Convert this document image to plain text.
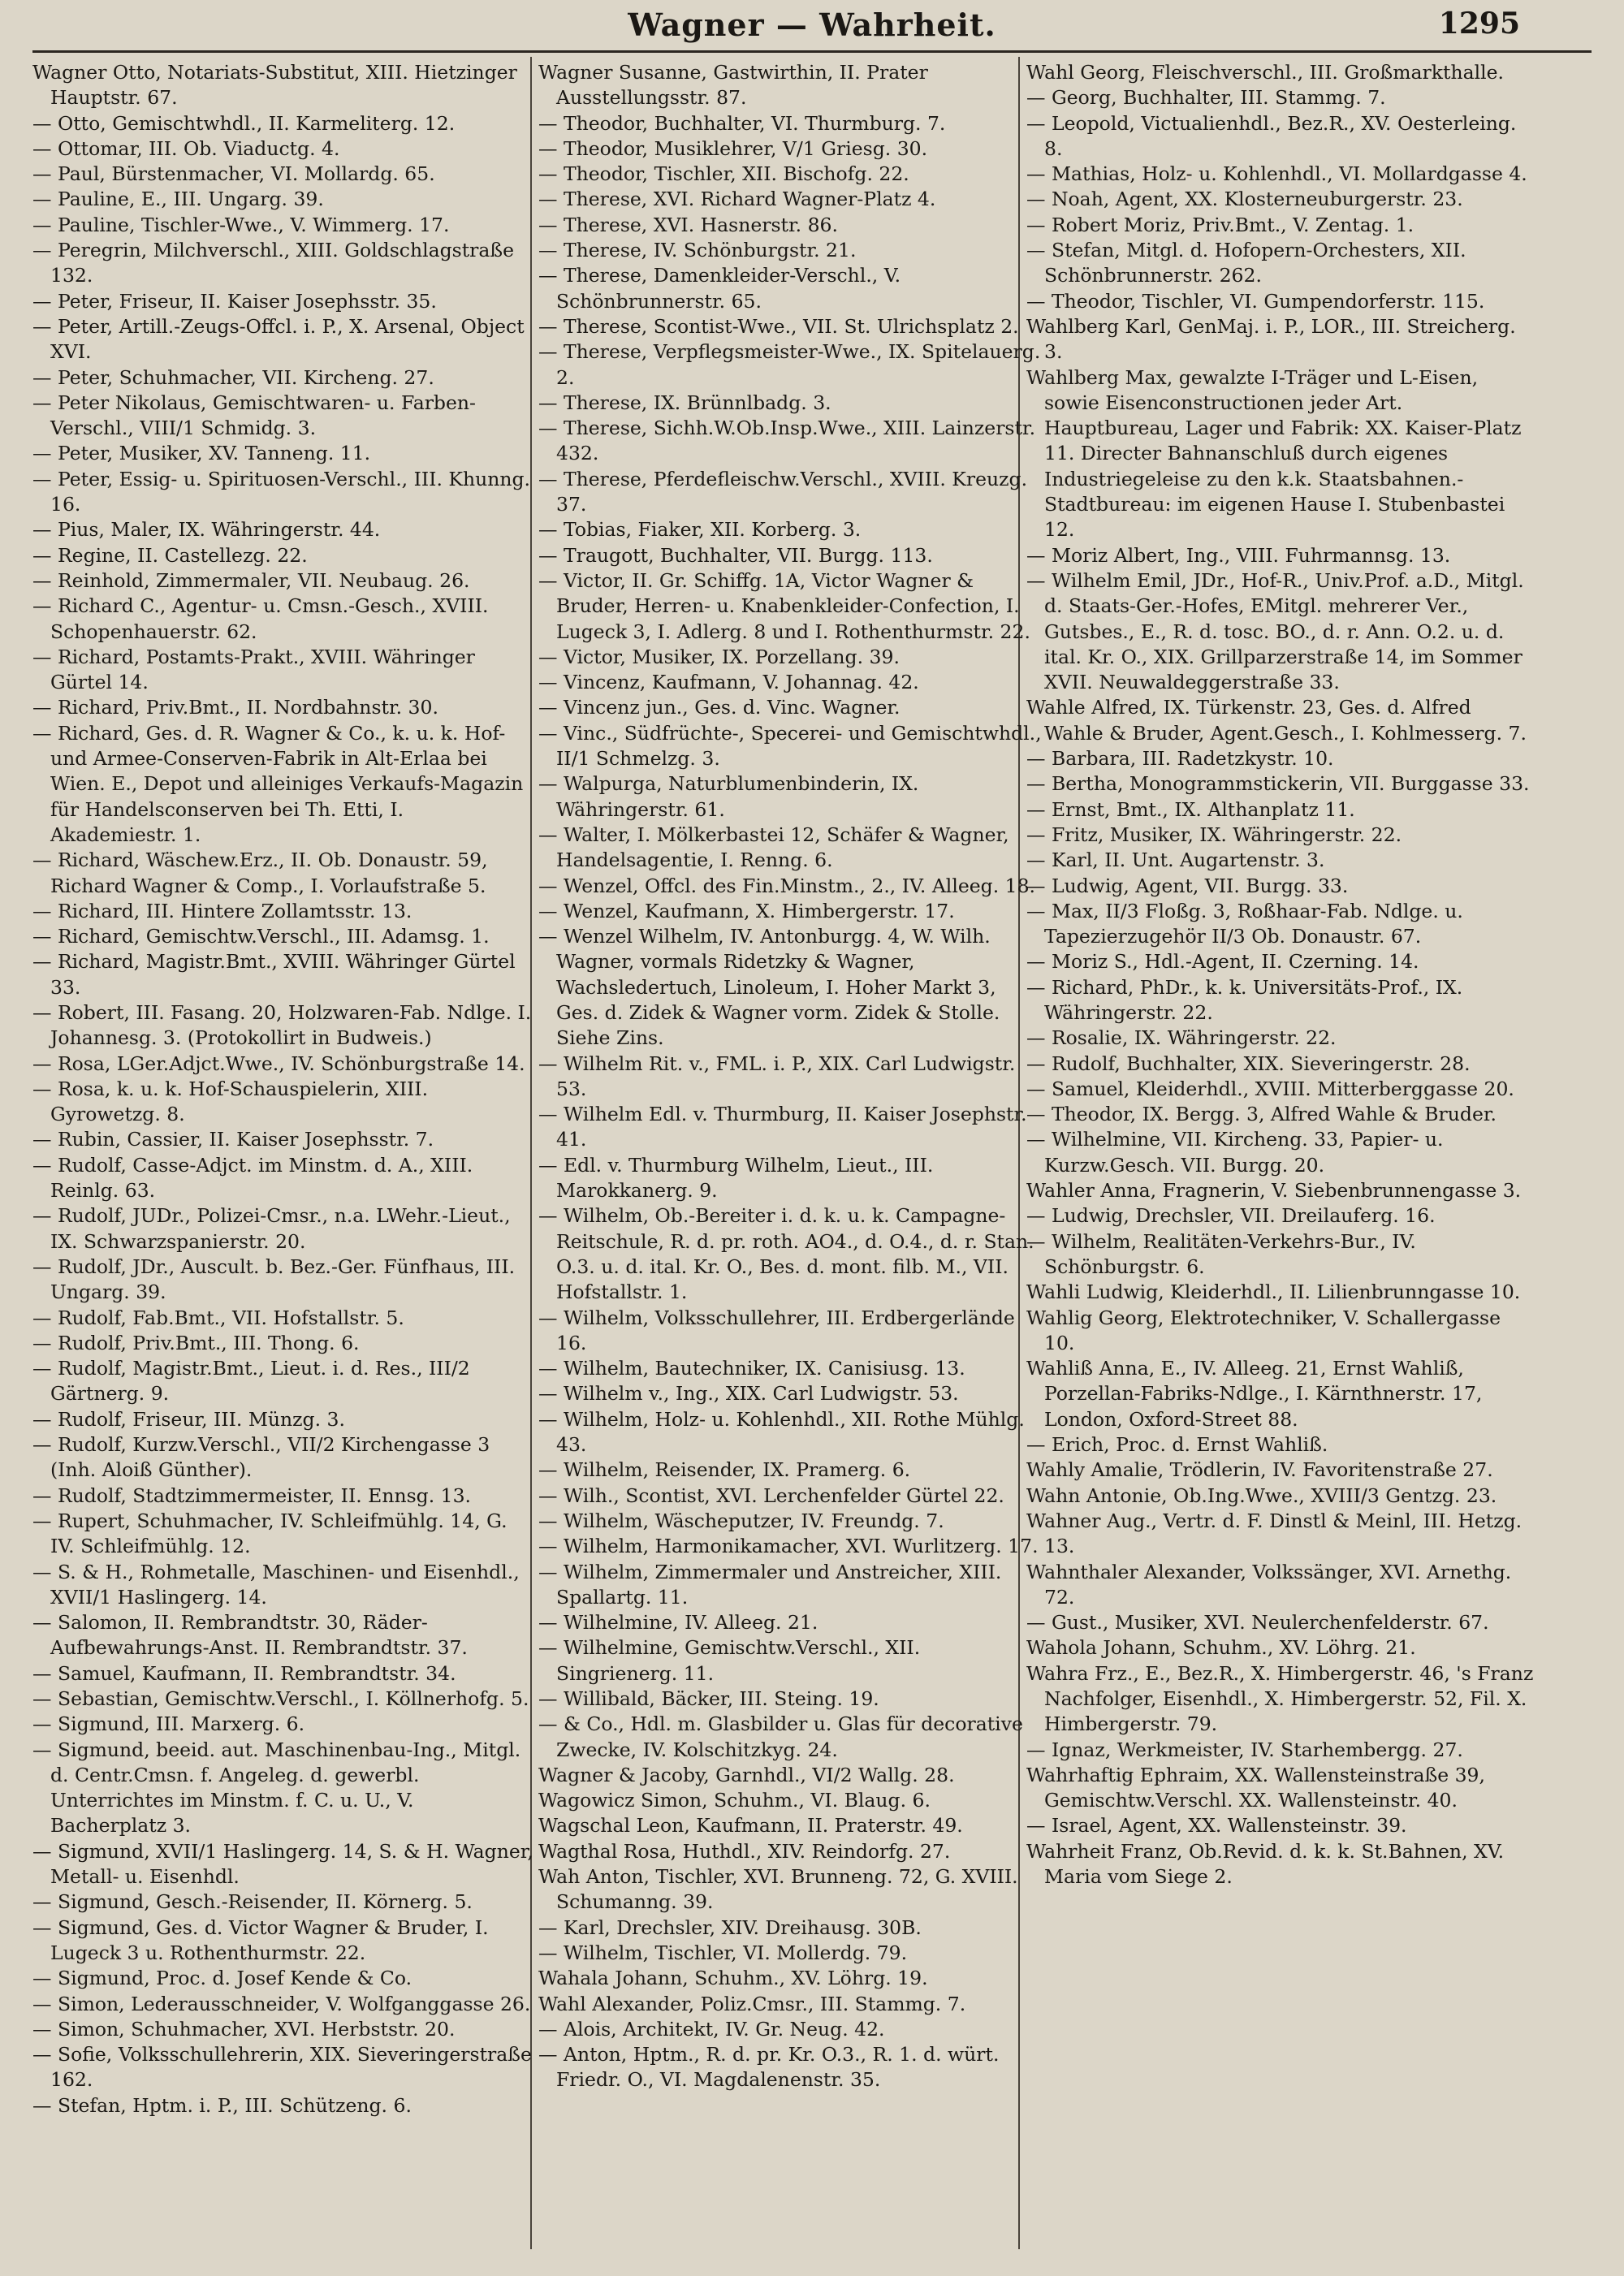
Wagner — Wahrheit.	1295

Wagner Otto, Notariats-Substitut, XIII. Hietzinger Hauptstr. 67.

— Otto, Gemischtwhdl., II. Karmeliterg. 12.

— Ottomar, III. Ob. Viaductg. 4.

— Paul, Bürstenmacher, VI. Mollardg. 65.

— Pauline, E., III. Ungarg. 39.

— Pauline, Tischler-Wwe., V. Wimmerg. 17.

— Peregrin, Milchverschl., XIII. Goldschlagstraße 132.

— Peter, Friseur, II. Kaiser Josephsstr. 35.

— Peter, Artill.-Zeugs-Offcl. i. P., X. Arsenal, Object XVI.

— Peter, Schuhmacher, VII. Kircheng. 27.

— Peter Nikolaus, Gemischtwaren- u. Farben-Verschl., VIII/1 Schmidg. 3.

— Peter, Musiker, XV. Tanneng. 11.

— Peter, Essig- u. Spirituosen-Verschl., III. Khunng. 16.

— Pius, Maler, IX. Währingerstr. 44.

— Regine, II. Castellezg. 22.

— Reinhold, Zimmermaler, VII. Neubaug. 26.

— Richard C., Agentur- u. Cmsn.-Gesch., XVIII. Schopenhauerstr. 62.

— Richard, Postamts-Prakt., XVIII. Währinger Gürtel 14.

— Richard, Priv.Bmt., II. Nordbahnstr. 30.

— Richard, Ges. d. R. Wagner & Co., k. u. k. Hof- und Armee-Conserven-Fabrik in Alt-Erlaa bei Wien. E., Depot und alleiniges Verkaufs-Magazin für Handelsconserven bei Th. Etti, I. Akademiestr. 1.

— Richard, Wäschew.Erz., II. Ob. Donaustr. 59, Richard Wagner & Comp., I. Vorlaufstraße 5.

— Richard, III. Hintere Zollamtsstr. 13.

— Richard, Gemischtw.Verschl., III. Adamsg. 1.

— Richard, Magistr.Bmt., XVIII. Währinger Gürtel 33.

— Robert, III. Fasang. 20, Holzwaren-Fab. Ndlge. I. Johannesg. 3. (Protokollirt in Budweis.)

— Rosa, LGer.Adjct.Wwe., IV. Schönburgstraße 14.

— Rosa, k. u. k. Hof-Schauspielerin, XIII. Gyrowetzg. 8.

— Rubin, Cassier, II. Kaiser Josephsstr. 7.

— Rudolf, Casse-Adjct. im Minstm. d. A., XIII. Reinlg. 63.

— Rudolf, JUDr., Polizei-Cmsr., n.a. LWehr.-Lieut., IX. Schwarzspanierstr. 20.

— Rudolf, JDr., Auscult. b. Bez.-Ger. Fünfhaus, III. Ungarg. 39.

— Rudolf, Fab.Bmt., VII. Hofstallstr. 5.

— Rudolf, Priv.Bmt., III. Thong. 6.

— Rudolf, Magistr.Bmt., Lieut. i. d. Res., III/2 Gärtnerg. 9.

— Rudolf, Friseur, III. Münzg. 3.

— Rudolf, Kurzw.Verschl., VII/2 Kirchengasse 3 (Inh. Aloiß Günther).

— Rudolf, Stadtzimmermeister, II. Ennsg. 13.

— Rupert, Schuhmacher, IV. Schleifmühlg. 14, G. IV. Schleifmühlg. 12.

— S. & H., Rohmetalle, Maschinen- und Eisenhdl., XVII/1 Haslingerg. 14.

— Salomon, II. Rembrandtstr. 30, Räder-Aufbewahrungs-Anst. II. Rembrandtstr. 37.

— Samuel, Kaufmann, II. Rembrandtstr. 34.

— Sebastian, Gemischtw.Verschl., I. Köllnerhofg. 5.

— Sigmund, III. Marxerg. 6.

— Sigmund, beeid. aut. Maschinenbau-Ing., Mitgl. d. Centr.Cmsn. f. Angeleg. d. gewerbl. Unterrichtes im Minstm. f. C. u. U., V. Bacherplatz 3.

— Sigmund, XVII/1 Haslingerg. 14, S. & H. Wagner, Metall- u. Eisenhdl.

— Sigmund, Gesch.-Reisender, II. Körnerg. 5.

— Sigmund, Ges. d. Victor Wagner & Bruder, I. Lugeck 3 u. Rothenthurmstr. 22.

— Sigmund, Proc. d. Josef Kende & Co.

— Simon, Lederausschneider, V. Wolfganggasse 26.

— Simon, Schuhmacher, XVI. Herbststr. 20.

— Sofie, Volksschullehrerin, XIX. Sieveringerstraße 162.

— Stefan, Hptm. i. P., III. Schützeng. 6.

Wagner Susanne, Gastwirthin, II. Prater Ausstellungsstr. 87.

— Theodor, Buchhalter, VI. Thurmburg. 7.

— Theodor, Musiklehrer, V/1 Griesg. 30.

— Theodor, Tischler, XII. Bischofg. 22.

— Therese, XVI. Richard Wagner-Platz 4.

— Therese, XVI. Hasnerstr. 86.

— Therese, IV. Schönburgstr. 21.

— Therese, Damenkleider-Verschl., V. Schönbrunnerstr. 65.

— Therese, Scontist-Wwe., VII. St. Ulrichsplatz 2.

— Therese, Verpflegsmeister-Wwe., IX. Spitelauerg. 2.

— Therese, IX. Brünnlbadg. 3.

— Therese, Sichh.W.Ob.Insp.Wwe., XIII. Lainzerstr. 432.

— Therese, Pferdefleischw.Verschl., XVIII. Kreuzg. 37.

— Tobias, Fiaker, XII. Korberg. 3.

— Traugott, Buchhalter, VII. Burgg. 113.

— Victor, II. Gr. Schiffg. 1A, Victor Wagner & Bruder, Herren- u. Knabenkleider-Confection, I. Lugeck 3, I. Adlerg. 8 und I. Rothenthurmstr. 22.

— Victor, Musiker, IX. Porzellang. 39.

— Vincenz, Kaufmann, V. Johannag. 42.

— Vincenz jun., Ges. d. Vinc. Wagner.

— Vinc., Südfrüchte-, Specerei- und Gemischtwhdl., II/1 Schmelzg. 3.

— Walpurga, Naturblumenbinderin, IX. Währingerstr. 61.

— Walter, I. Mölkerbastei 12, Schäfer & Wagner, Handelsagentie, I. Renng. 6.

— Wenzel, Offcl. des Fin.Minstm., 2., IV. Alleeg. 18.

— Wenzel, Kaufmann, X. Himbergerstr. 17.

— Wenzel Wilhelm, IV. Antonburgg. 4, W. Wilh. Wagner, vormals Ridetzky & Wagner, Wachsledertuch, Linoleum, I. Hoher Markt 3, Ges. d. Zidek & Wagner vorm. Zidek & Stolle. Siehe Zins.

— Wilhelm Rit. v., FML. i. P., XIX. Carl Ludwigstr. 53.

— Wilhelm Edl. v. Thurmburg, II. Kaiser Josephstr. 41.

— Edl. v. Thurmburg Wilhelm, Lieut., III. Marokkanerg. 9.

— Wilhelm, Ob.-Bereiter i. d. k. u. k. Campagne-Reitschule, R. d. pr. roth. AO4., d. O.4., d. r. Stan. O.3. u. d. ital. Kr. O., Bes. d. mont. filb. M., VII. Hofstallstr. 1.

— Wilhelm, Volksschullehrer, III. Erdbergerlände 16.

— Wilhelm, Bautechniker, IX. Canisiusg. 13.

— Wilhelm v., Ing., XIX. Carl Ludwigstr. 53.

— Wilhelm, Holz- u. Kohlenhdl., XII. Rothe Mühlg. 43.

— Wilhelm, Reisender, IX. Pramerg. 6.

— Wilh., Scontist, XVI. Lerchenfelder Gürtel 22.

— Wilhelm, Wäscheputzer, IV. Freundg. 7.

— Wilhelm, Harmonikamacher, XVI. Wurlitzerg. 17.

— Wilhelm, Zimmermaler und Anstreicher, XIII. Spallartg. 11.

— Wilhelmine, IV. Alleeg. 21.

— Wilhelmine, Gemischtw.Verschl., XII. Singrienerg. 11.

— Willibald, Bäcker, III. Steing. 19.

— & Co., Hdl. m. Glasbilder u. Glas für decorative Zwecke, IV. Kolschitzkyg. 24.

Wagner & Jacoby, Garnhdl., VI/2 Wallg. 28.

Wagowicz Simon, Schuhm., VI. Blaug. 6.

Wagschal Leon, Kaufmann, II. Praterstr. 49.

Wagthal Rosa, Huthdl., XIV. Reindorfg. 27.

Wah Anton, Tischler, XVI. Brunneng. 72, G. XVIII. Schumanng. 39.

— Karl, Drechsler, XIV. Dreihausg. 30B.

— Wilhelm, Tischler, VI. Mollerdg. 79.

Wahala Johann, Schuhm., XV. Löhrg. 19.

Wahl Alexander, Poliz.Cmsr., III. Stammg. 7.

— Alois, Architekt, IV. Gr. Neug. 42.

— Anton, Hptm., R. d. pr. Kr. O.3., R. 1. d. würt. Friedr. O., VI. Magdalenenstr. 35.

Wahl Georg, Fleischverschl., III. Großmarkthalle.

— Georg, Buchhalter, III. Stammg. 7.

— Leopold, Victualienhdl., Bez.R., XV. Oesterleing. 8.

— Mathias, Holz- u. Kohlenhdl., VI. Mollardgasse 4.

— Noah, Agent, XX. Klosterneuburgerstr. 23.

— Robert Moriz, Priv.Bmt., V. Zentag. 1.

— Stefan, Mitgl. d. Hofopern-Orchesters, XII. Schönbrunnerstr. 262.

— Theodor, Tischler, VI. Gumpendorferstr. 115.

Wahlberg Karl, GenMaj. i. P., LOR., III. Streicherg. 3.

Wahlberg Max, gewalzte I-Träger und L-Eisen, sowie Eisenconstructionen jeder Art. Hauptbureau, Lager und Fabrik: XX. Kaiser-Platz 11. Directer Bahnanschluß durch eigenes Industriegeleise zu den k.k. Staatsbahnen.-Stadtbureau: im eigenen Hause I. Stubenbastei 12.

— Moriz Albert, Ing., VIII. Fuhrmannsg. 13.

— Wilhelm Emil, JDr., Hof-R., Univ.Prof. a.D., Mitgl. d. Staats-Ger.-Hofes, EMitgl. mehrerer Ver., Gutsbes., E., R. d. tosc. BO., d. r. Ann. O.2. u. d. ital. Kr. O., XIX. Grillparzerstraße 14, im Sommer XVII. Neuwaldeggerstraße 33.

Wahle Alfred, IX. Türkenstr. 23, Ges. d. Alfred Wahle & Bruder, Agent.Gesch., I. Kohlmesserg. 7.

— Barbara, III. Radetzkystr. 10.

— Bertha, Monogrammstickerin, VII. Burggasse 33.

— Ernst, Bmt., IX. Althanplatz 11.

— Fritz, Musiker, IX. Währingerstr. 22.

— Karl, II. Unt. Augartenstr. 3.

— Ludwig, Agent, VII. Burgg. 33.

— Max, II/3 Floßg. 3, Roßhaar-Fab. Ndlge. u. Tapezierzugehör II/3 Ob. Donaustr. 67.

— Moriz S., Hdl.-Agent, II. Czerning. 14.

— Richard, PhDr., k. k. Universitäts-Prof., IX. Währingerstr. 22.

— Rosalie, IX. Währingerstr. 22.

— Rudolf, Buchhalter, XIX. Sieveringerstr. 28.

— Samuel, Kleiderhdl., XVIII. Mitterberggasse 20.

— Theodor, IX. Bergg. 3, Alfred Wahle & Bruder.

— Wilhelmine, VII. Kircheng. 33, Papier- u. Kurzw.Gesch. VII. Burgg. 20.

Wahler Anna, Fragnerin, V. Siebenbrunnengasse 3.

— Ludwig, Drechsler, VII. Dreilauferg. 16.

— Wilhelm, Realitäten-Verkehrs-Bur., IV. Schönburgstr. 6.

Wahli Ludwig, Kleiderhdl., II. Lilienbrunngasse 10.

Wahlig Georg, Elektrotechniker, V. Schallergasse 10.

Wahliß Anna, E., IV. Alleeg. 21, Ernst Wahliß, Porzellan-Fabriks-Ndlge., I. Kärnthnerstr. 17, London, Oxford-Street 88.

— Erich, Proc. d. Ernst Wahliß.

Wahly Amalie, Trödlerin, IV. Favoritenstraße 27.

Wahn Antonie, Ob.Ing.Wwe., XVIII/3 Gentzg. 23.

Wahner Aug., Vertr. d. F. Dinstl & Meinl, III. Hetzg. 13.

Wahnthaler Alexander, Volkssänger, XVI. Arnethg. 72.

— Gust., Musiker, XVI. Neulerchenfelderstr. 67.

Wahola Johann, Schuhm., XV. Löhrg. 21.

Wahra Frz., E., Bez.R., X. Himbergerstr. 46, 's Franz Nachfolger, Eisenhdl., X. Himbergerstr. 52, Fil. X. Himbergerstr. 79.

— Ignaz, Werkmeister, IV. Starhembergg. 27.

Wahrhaftig Ephraim, XX. Wallensteinstraße 39, Gemischtw.Verschl. XX. Wallensteinstr. 40.

— Israel, Agent, XX. Wallensteinstr. 39.

Wahrheit Franz, Ob.Revid. d. k. k. St.Bahnen, XV. Maria vom Siege 2.
